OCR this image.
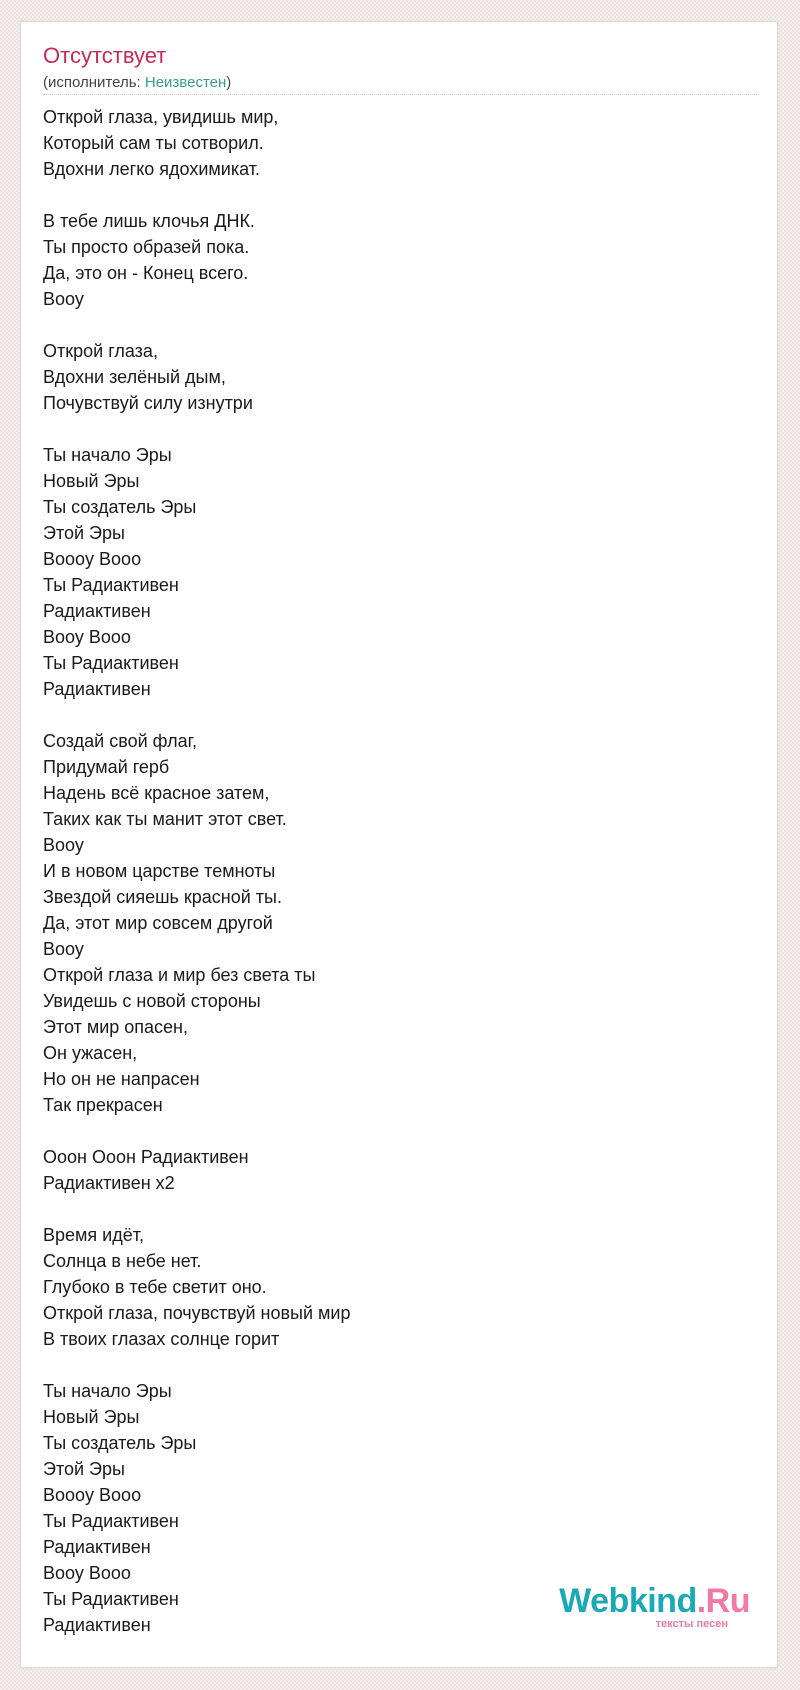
Отсутствует
(исполнитель: Неизвестен)
Открой глаза, увидишь мир,
Который сам ты сотворил.
Вдохни легко ядохимикат.
В тебе лишь клочья ДНК.
Ты просто образей пока.
Да, это он - Конец всего.
Вооу
Открой глаза,
Вдохни зелёный дым,
Почувствуй силу изнутри
Ты начало Эры
Новый Эры
Ты создатель Эры
Этой Эры
Вооoу Вооо
Ты Радиактивен
Радиактивен
Вооу Вооо
Ты Радиактивен
Радиактивен
Создай свой флаг,
Придумай герб
Надень всё красное затем,
Таких как ты манит этот свет.
Вооу
И в новом царстве темноты
Звездой сияешь красной ты.
Да, этот мир совсем другой
Вооу
Открой глаза и мир без света ты
Увидешь с новой стороны
Этот мир опасен,
Он ужасен,
Но он не напрасен
Так прекрасен
Ооон Ооон Радиактивен
Радиактивен x2
Время идёт,
Солнца в небе нет.
Глубоко в тебе светит оно.
Открой глаза, почувствуй новый мир
В твоих глазах солнце горит
Ты начало Эры
Новый Эры
Ты создатель Эры
Этой Эры
Вооoу Вооо
Ты Радиактивен
Радиактивен
Вооу Вооо
Ты Радиактивен
Радиактивен
Webkind.Ru
тексты песен
